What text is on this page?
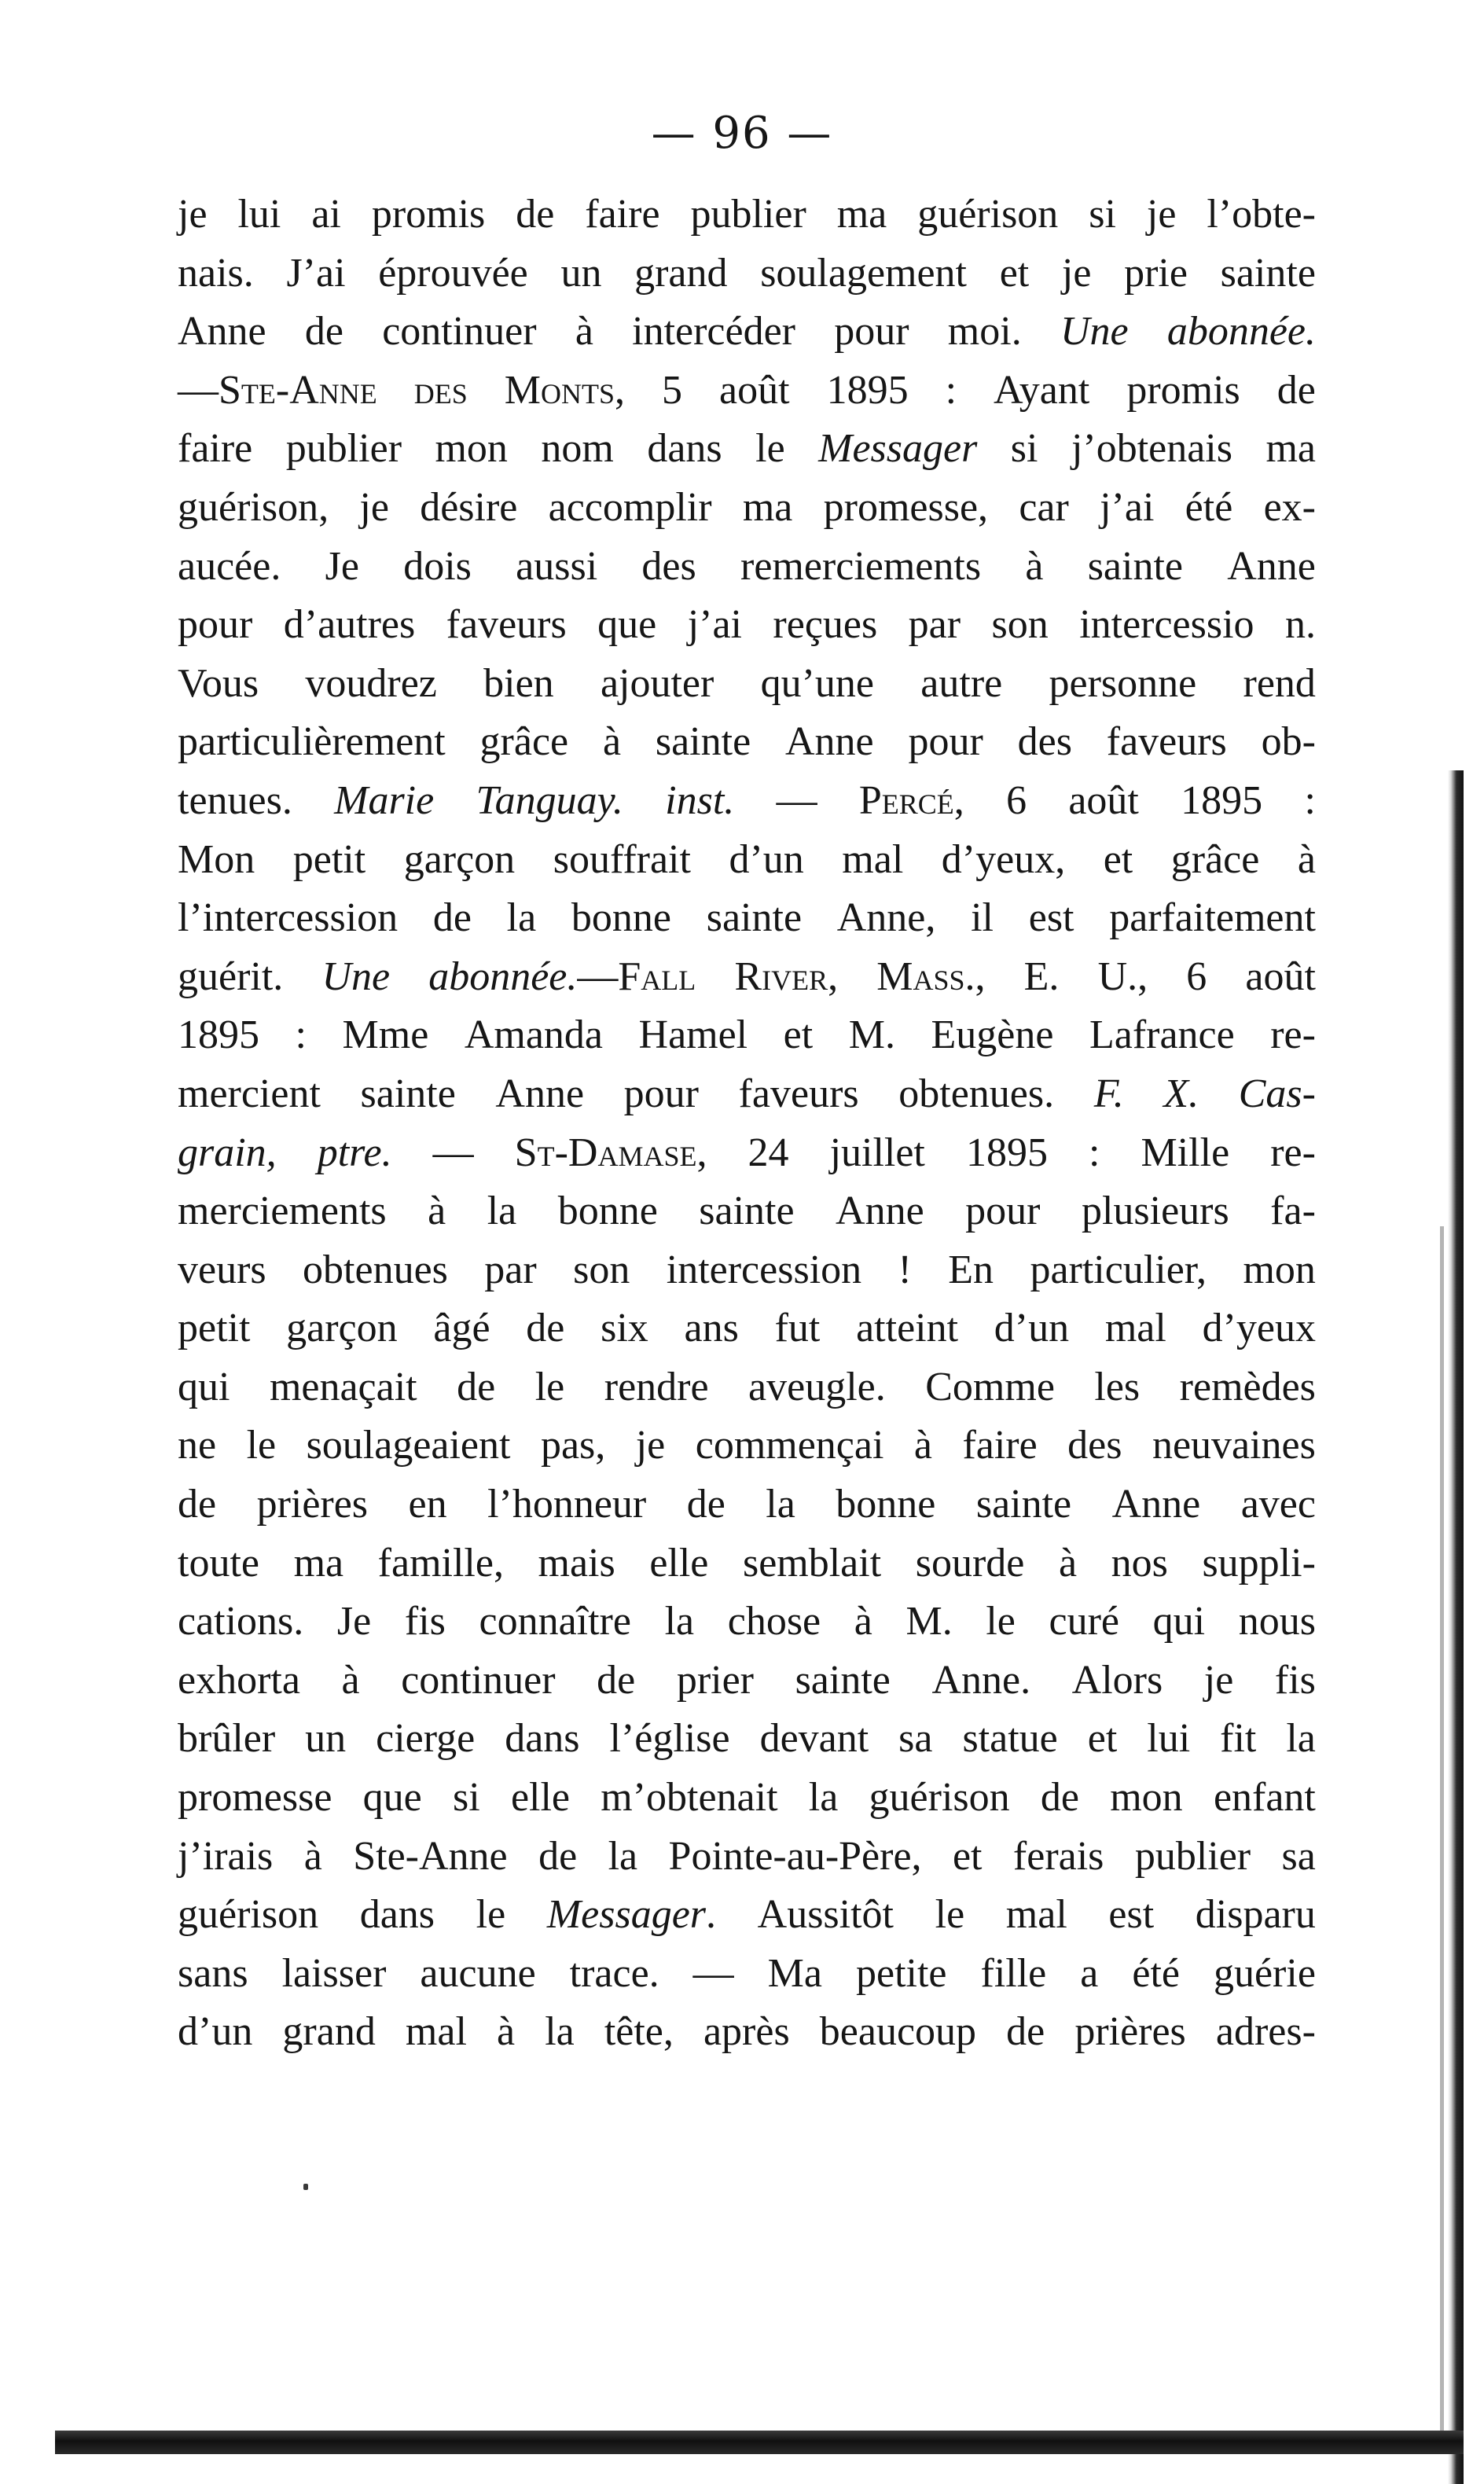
— 96 —
je lui ai promis de faire publier ma guérison si je l’obte-
nais. J’ai éprouvée un grand soulagement et je prie sainte
Anne de continuer à intercéder pour moi. Une abonnée.
—Ste-Anne des Monts, 5 août 1895 : Ayant promis de
faire publier mon nom dans le Messager si j’obtenais ma
guérison, je désire accomplir ma promesse, car j’ai été ex-
aucée. Je dois aussi des remerciements à sainte Anne
pour d’autres faveurs que j’ai reçues par son intercessio n.
Vous voudrez bien ajouter qu’une autre personne rend
particulièrement grâce à sainte Anne pour des faveurs ob-
tenues. Marie Tanguay. inst. — Percé, 6 août 1895 :
Mon petit garçon souffrait d’un mal d’yeux, et grâce à
l’intercession de la bonne sainte Anne, il est parfaitement
guérit. Une abonnée.—Fall River, Mass., E. U., 6 août
1895 : Mme Amanda Hamel et M. Eugène Lafrance re-
mercient sainte Anne pour faveurs obtenues. F. X. Cas-
grain, ptre. — St-Damase, 24 juillet 1895 : Mille re-
merciements à la bonne sainte Anne pour plusieurs fa-
veurs obtenues par son intercession ! En particulier, mon
petit garçon âgé de six ans fut atteint d’un mal d’yeux
qui menaçait de le rendre aveugle. Comme les remèdes
ne le soulageaient pas, je commençai à faire des neuvaines
de prières en l’honneur de la bonne sainte Anne avec
toute ma famille, mais elle semblait sourde à nos suppli-
cations. Je fis connaître la chose à M. le curé qui nous
exhorta à continuer de prier sainte Anne. Alors je fis
brûler un cierge dans l’église devant sa statue et lui fit la
promesse que si elle m’obtenait la guérison de mon enfant
j’irais à Ste-Anne de la Pointe-au-Père, et ferais publier sa
guérison dans le Messager. Aussitôt le mal est disparu
sans laisser aucune trace. — Ma petite fille a été guérie
d’un grand mal à la tête, après beaucoup de prières adres-
